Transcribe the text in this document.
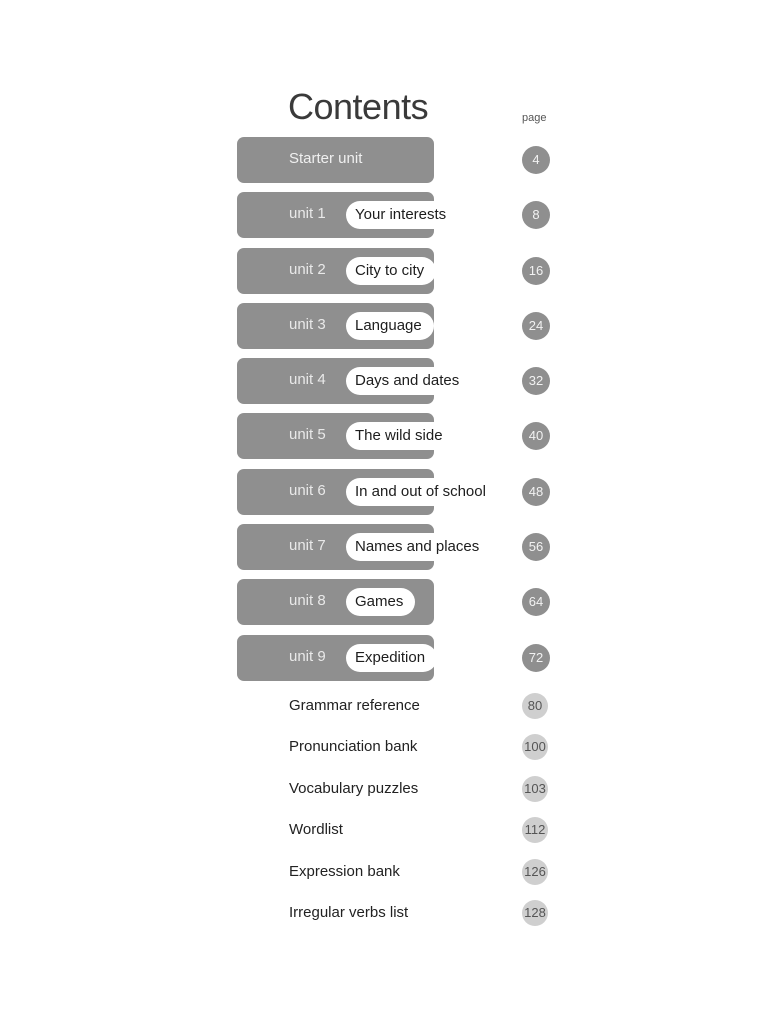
Contents	page
Starter unit	4
unit 1	Your interests	8
unit 2	City to city	16
unit 3	Language	24
unit 4	Days and dates	32
unit 5	The wild side	40
unit 6	In and out of school	48
unit 7	Names and places	56
unit 8	Games	64
unit 9	Expedition	72
Grammar reference	80
Pronunciation bank	100
Vocabulary puzzles	103
Wordlist	112
Expression bank	126
Irregular verbs list	128
